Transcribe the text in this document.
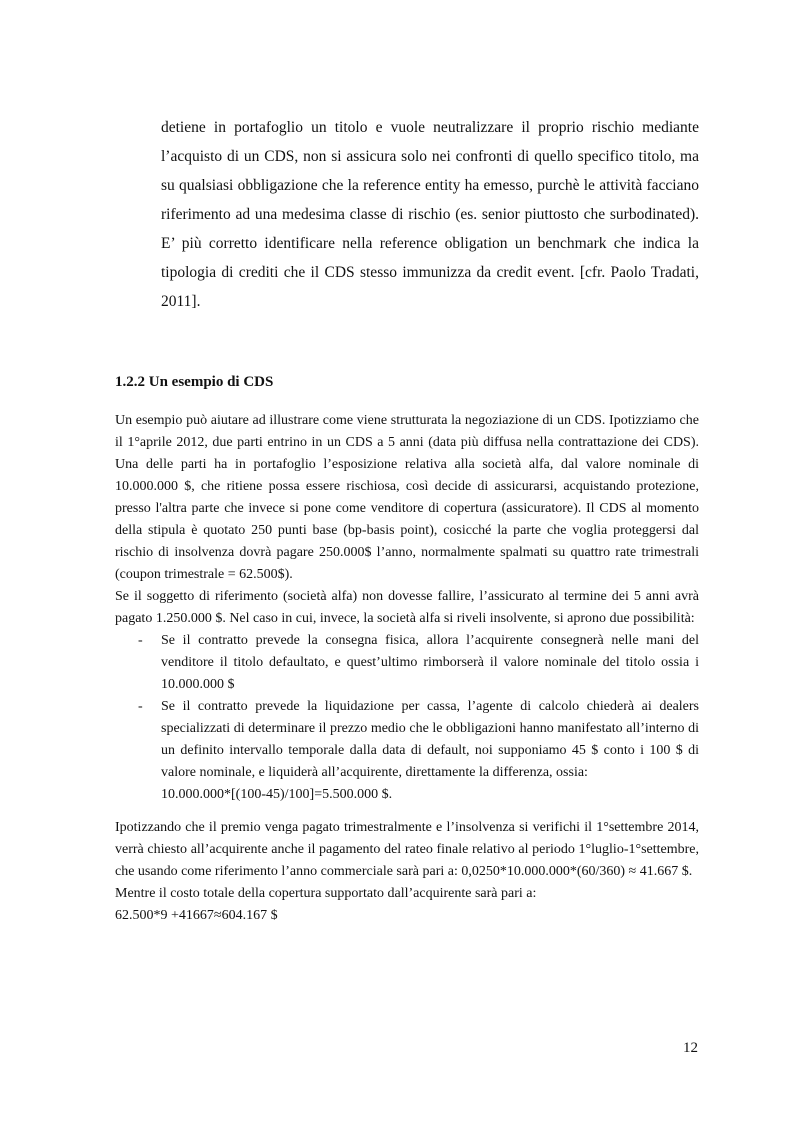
detiene in portafoglio un titolo e vuole neutralizzare il proprio rischio mediante l’acquisto di un CDS, non si assicura solo nei confronti di quello specifico titolo, ma su qualsiasi obbligazione che la reference entity ha emesso, purchè le attività facciano riferimento ad una medesima classe di rischio (es. senior piuttosto che surbodinated). E’ più corretto identificare nella reference obligation un benchmark che indica la tipologia di crediti che il CDS stesso immunizza da credit event. [cfr. Paolo Tradati, 2011].

1.2.2 Un esempio di CDS

Un esempio può aiutare ad illustrare come viene strutturata la negoziazione di un CDS. Ipotizziamo che il 1°aprile 2012, due parti entrino in un CDS a 5 anni (data più diffusa nella contrattazione dei CDS). Una delle parti ha in portafoglio l’esposizione relativa alla società alfa, dal valore nominale di 10.000.000 $, che ritiene possa essere rischiosa, così decide di assicurarsi, acquistando protezione, presso l'altra parte che invece si pone come venditore di copertura (assicuratore). Il CDS al momento della stipula è quotato 250 punti base (bp-basis point), cosicché la parte che voglia proteggersi dal rischio di insolvenza dovrà pagare 250.000$ l’anno, normalmente spalmati su quattro rate trimestrali (coupon trimestrale = 62.500$).

Se il soggetto di riferimento (società alfa) non dovesse fallire, l’assicurato al termine dei 5 anni avrà pagato 1.250.000 $. Nel caso in cui, invece, la società alfa si riveli insolvente, si aprono due possibilità:

- Se il contratto prevede la consegna fisica, allora l’acquirente consegnerà nelle mani del venditore il titolo defaultato, e quest’ultimo rimborserà il valore nominale del titolo ossia i 10.000.000 $
- Se il contratto prevede la liquidazione per cassa, l’agente di calcolo chiederà ai dealers specializzati di determinare il prezzo medio che le obbligazioni hanno manifestato all’interno di un definito intervallo temporale dalla data di default, noi supponiamo 45 $ conto i 100 $ di valore nominale, e liquiderà all’acquirente, direttamente la differenza, ossia:
10.000.000*[(100-45)/100]=5.500.000 $.

Ipotizzando che il premio venga pagato trimestralmente e l’insolvenza si verifichi il 1°settembre 2014, verrà chiesto all’acquirente anche il pagamento del rateo finale relativo al periodo 1°luglio-1°settembre, che usando come riferimento l’anno commerciale sarà pari a: 0,0250*10.000.000*(60/360) ≈ 41.667 $.

Mentre il costo totale della copertura supportato dall’acquirente sarà pari a:

62.500*9 +41667≈604.167 $

12
